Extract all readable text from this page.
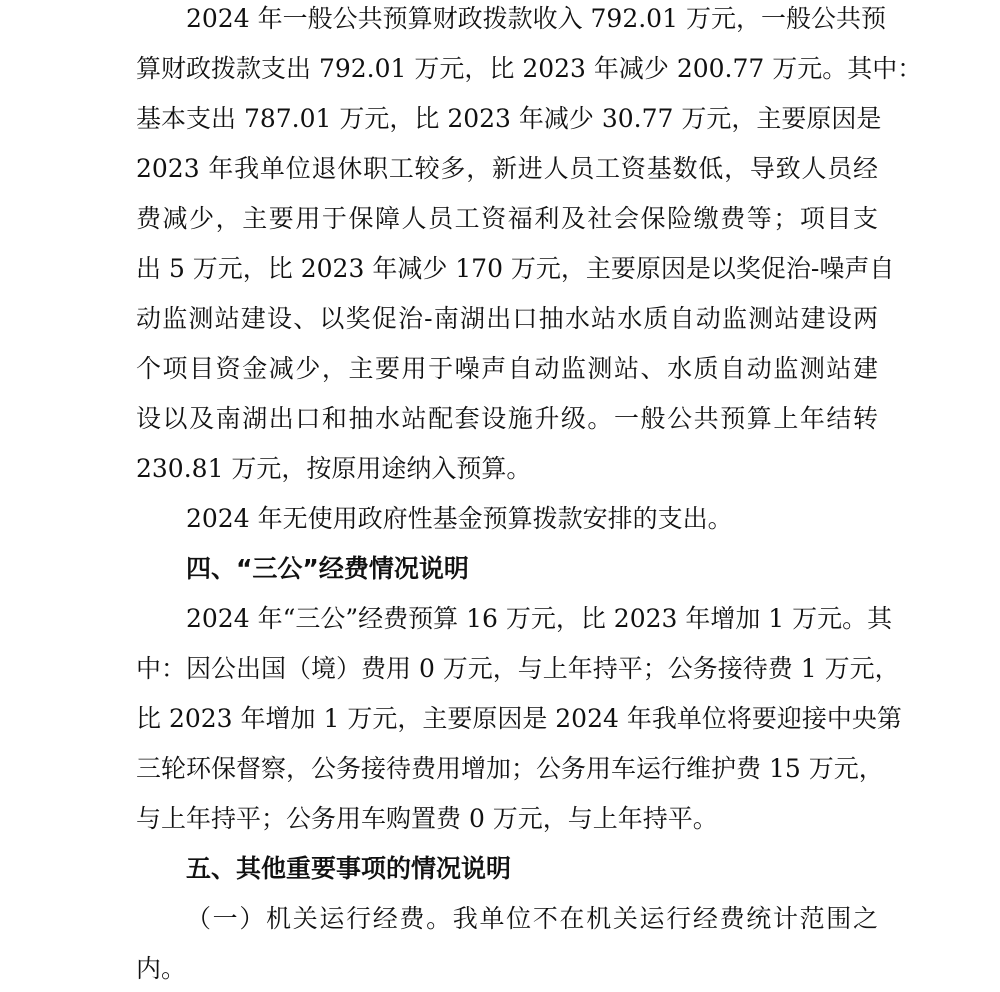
2024 年一般公共预算财政拨款收入 792.01 万元，一般公共预
算财政拨款支出 792.01 万元，比 2023 年减少 200.77 万元。其中：
基本支出 787.01 万元，比 2023 年减少 30.77 万元，主要原因是
2023 年我单位退休职工较多，新进人员工资基数低，导致人员经
费减少，主要用于保障人员工资福利及社会保险缴费等；项目支
出 5 万元，比 2023 年减少 170 万元，主要原因是以奖促治-噪声自
动监测站建设、以奖促治-南湖出口抽水站水质自动监测站建设两
个项目资金减少，主要用于噪声自动监测站、水质自动监测站建
设以及南湖出口和抽水站配套设施升级。一般公共预算上年结转
230.81 万元，按原用途纳入预算。
2024 年无使用政府性基金预算拨款安排的支出。
四、“三公”经费情况说明
2024 年“三公”经费预算 16 万元，比 2023 年增加 1 万元。其
中：因公出国（境）费用 0 万元，与上年持平；公务接待费 1 万元，
比 2023 年增加 1 万元，主要原因是 2024 年我单位将要迎接中央第
三轮环保督察，公务接待费用增加；公务用车运行维护费 15 万元，
与上年持平；公务用车购置费 0 万元，与上年持平。
五、其他重要事项的情况说明
（一）机关运行经费。我单位不在机关运行经费统计范围之
内。
